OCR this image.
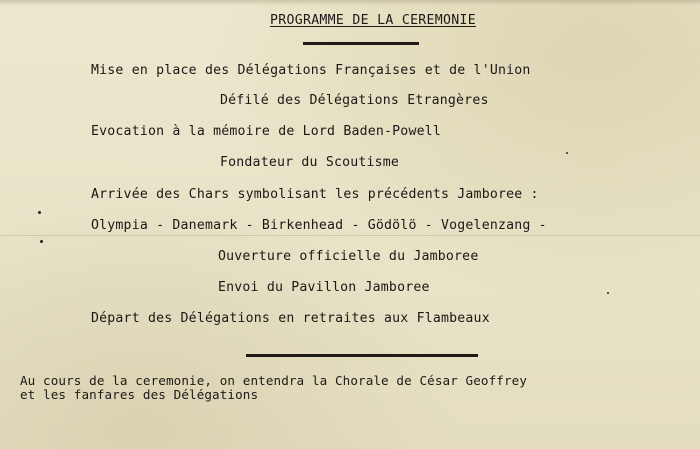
PROGRAMME DE LA CEREMONIE
Mise en place des Délégations Françaises et de l'Union
Défilé des Délégations Etrangères
Evocation à la mémoire de Lord Baden-Powell
Fondateur du Scoutisme
Arrivée des Chars symbolisant les précédents Jamboree :
Olympia - Danemark - Birkenhead - Gödölö - Vogelenzang -
Ouverture officielle du Jamboree
Envoi du Pavillon Jamboree
Départ des Délégations en retraites aux Flambeaux
Au cours de la ceremonie, on entendra la Chorale de César Geoffrey
et les fanfares des Délégations
